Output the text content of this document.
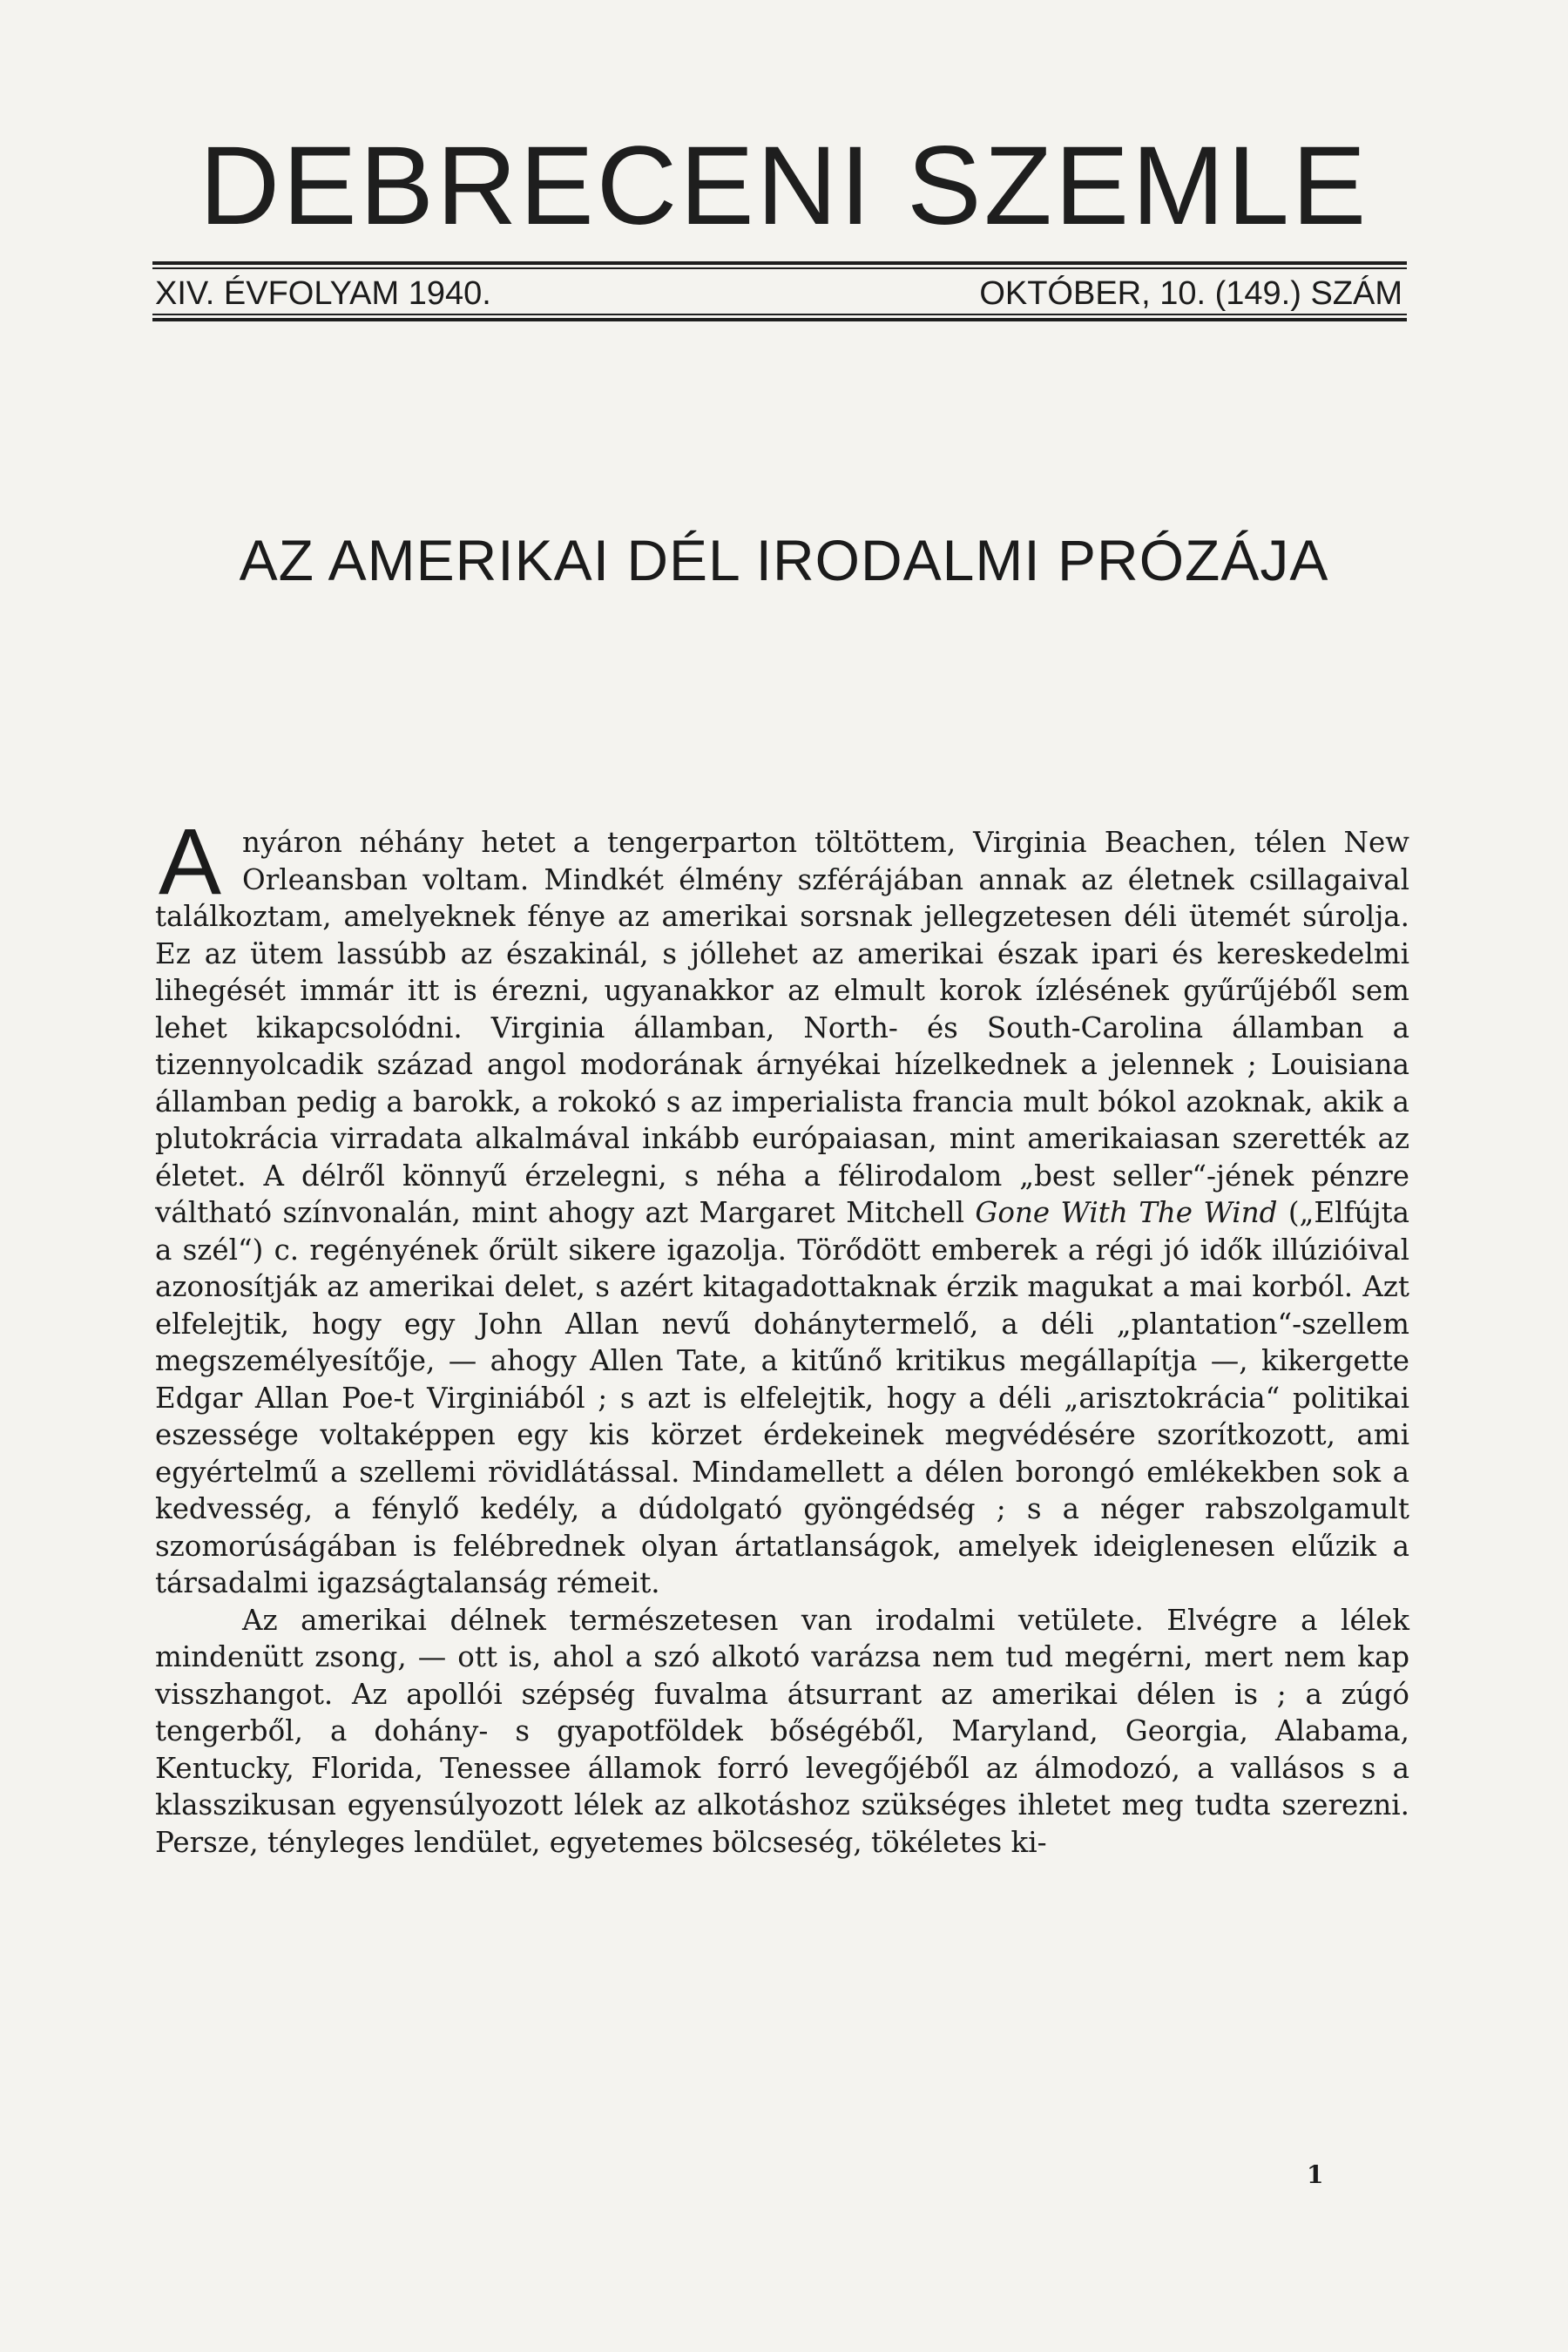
DEBRECENI SZEMLE
XIV. ÉVFOLYAM 1940.	OKTÓBER, 10. (149.) SZÁM
AZ AMERIKAI DÉL IRODALMI PRÓZÁJA

A nyáron néhány hetet a tengerparton töltöttem, Virginia Beachen, télen New Orleansban voltam. Mindkét élmény szférájában annak az életnek csillagaival találkoztam, amelyeknek fénye az amerikai sorsnak jellegzetesen déli ütemét súrolja. Ez az ütem lassúbb az északinál, s jóllehet az amerikai észak ipari és kereskedelmi lihegését immár itt is érezni, ugyanakkor az elmult korok ízlésének gyűrűjéből sem lehet kikapcsolódni. Virginia államban, North- és South-Carolina államban a tizennyolcadik század angol modorának árnyékai hízelkednek a jelennek ; Louisiana államban pedig a barokk, a rokokó s az imperialista francia mult bókol azoknak, akik a plutokrácia virradata alkalmával inkább európaiasan, mint amerikaiasan szerették az életet. A délről könnyű érzelegni, s néha a félirodalom „best seller“-jének pénzre váltható színvonalán, mint ahogy azt Margaret Mitchell Gone With The Wind („Elfújta a szél“) c. regényének őrült sikere igazolja. Törődött emberek a régi jó idők illúzióival azonosítják az amerikai delet, s azért kitagadottaknak érzik magukat a mai korból. Azt elfelejtik, hogy egy John Allan nevű dohánytermelő, a déli „plantation“-szellem megszemélyesítője, — ahogy Allen Tate, a kitűnő kritikus megállapítja —, kikergette Edgar Allan Poe-t Virginiából ; s azt is elfelejtik, hogy a déli „arisztokrácia“ politikai eszessége voltaképpen egy kis körzet érdekeinek megvédésére szorítkozott, ami egyértelmű a szellemi rövidlátással. Mindamellett a délen borongó emlékekben sok a kedvesség, a fénylő kedély, a dúdolgató gyöngédség ; s a néger rabszolgamult szomorúságában is felébrednek olyan ártatlanságok, amelyek ideiglenesen elűzik a társadalmi igazságtalanság rémeit.

Az amerikai délnek természetesen van irodalmi vetülete. Elvégre a lélek mindenütt zsong, — ott is, ahol a szó alkotó varázsa nem tud megérni, mert nem kap visszhangot. Az apollói szépség fuvalma átsurrant az amerikai délen is ; a zúgó tengerből, a dohány- s gyapotföldek bőségéből, Maryland, Georgia, Alabama, Kentucky, Florida, Tenessee államok forró levegőjéből az álmodozó, a vallásos s a klasszikusan egyensúlyozott lélek az alkotáshoz szükséges ihletet meg tudta szerezni. Persze, tényleges lendület, egyetemes bölcseség, tökéletes ki-

1
